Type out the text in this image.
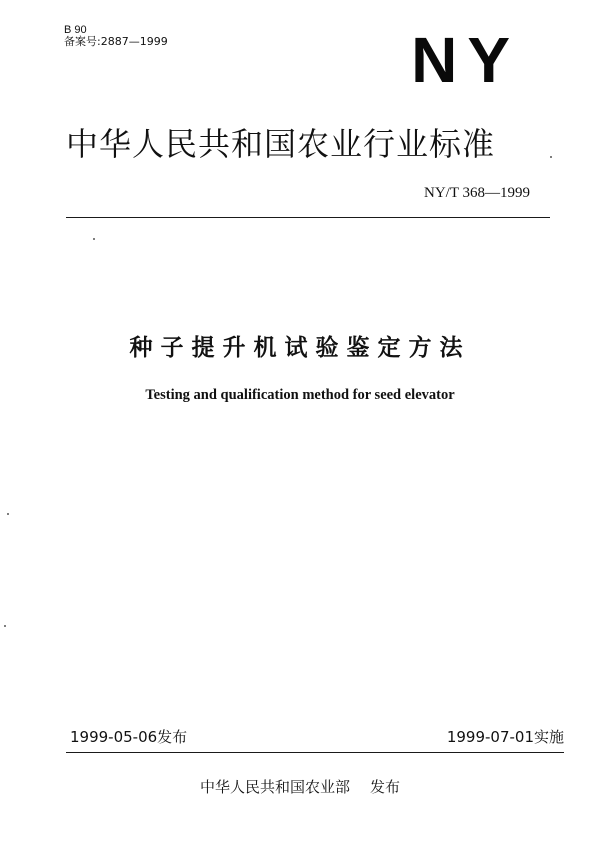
B 90
备案号:2887—1999	NY
中华人民共和国农业行业标准
NY/T 368—1999
种子提升机试验鉴定方法
Testing and qualification method for seed elevator
1999-05-06发布	1999-07-01实施
中华人民共和国农业部 发布
